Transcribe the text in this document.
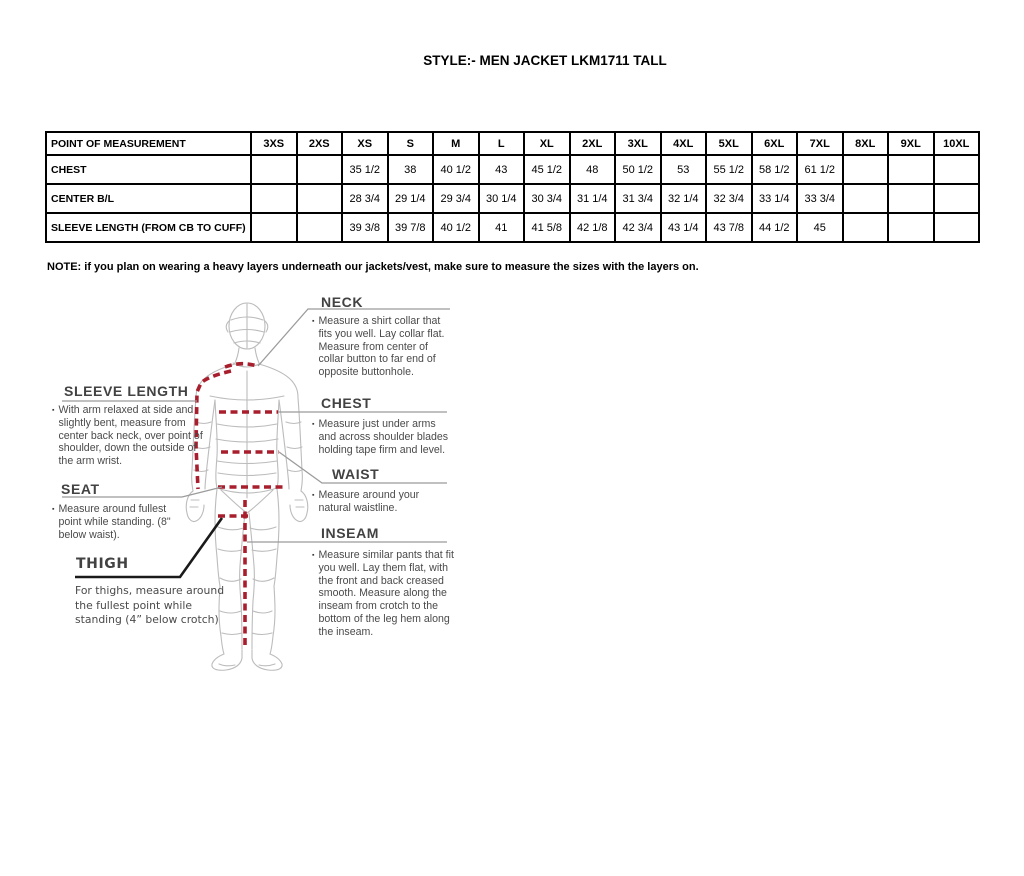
STYLE:- MEN JACKET LKM1711 TALL
POINT OF MEASUREMENT	3XS	2XS	XS	S	M	L	XL	2XL	3XL	4XL	5XL	6XL	7XL	8XL	9XL	10XL
CHEST			35 1/2	38	40 1/2	43	45 1/2	48	50 1/2	53	55 1/2	58 1/2	61 1/2			
CENTER B/L			28 3/4	29 1/4	29 3/4	30 1/4	30 3/4	31 1/4	31 3/4	32 1/4	32 3/4	33 1/4	33 3/4			
SLEEVE LENGTH (FROM CB TO CUFF)			39 3/8	39 7/8	40 1/2	41	41 5/8	42 1/8	42 3/4	43 1/4	43 7/8	44 1/2	45			
NOTE: if you plan on wearing a heavy layers underneath our jackets/vest, make sure to measure the sizes with the layers on.
NECK
▪ Measure a shirt collar that fits you well. Lay collar flat. Measure from center of collar button to far end of opposite buttonhole.
CHEST
▪ Measure just under arms and across shoulder blades holding tape firm and level.
WAIST
▪ Measure around your natural waistline.
INSEAM
▪ Measure similar pants that fit you well. Lay them flat, with the front and back creased smooth. Measure along the inseam from crotch to the bottom of the leg hem along the inseam.
SLEEVE LENGTH
▪ With arm relaxed at side and slightly bent, measure from center back neck, over point of shoulder, down the outside of the arm wrist.
SEAT
▪ Measure around fullest point while standing. (8" below waist).
THIGH
For thighs, measure around the fullest point while standing (4” below crotch)
